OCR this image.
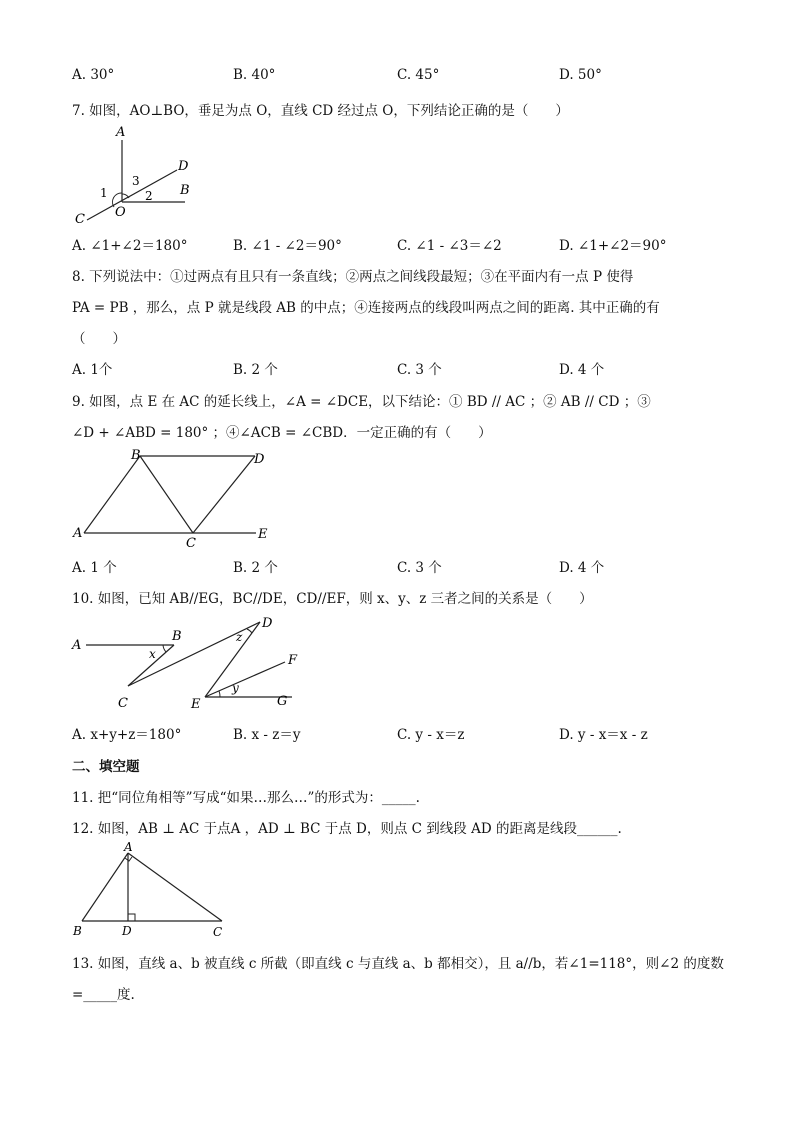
A. 30°	B. 40°	C. 45°	D. 50°
7. 如图，AO⊥BO，垂足为点 O，直线 CD 经过点 O，下列结论正确的是（　　）
A
D
B
C O
1	2
3
A. ∠1+∠2＝180°	B. ∠1 - ∠2＝90°	C. ∠1 - ∠3＝∠2	D. ∠1+∠2＝90°
8. 下列说法中：①过两点有且只有一条直线；②两点之间线段最短；③在平面内有一点 P 使得
PA = PB ，那么，点 P 就是线段 AB 的中点；④连接两点的线段叫两点之间的距离. 其中正确的有
（　　）
A. 1个	B. 2 个	C. 3 个	D. 4 个
9. 如图，点 E 在 AC 的延长线上，∠A = ∠DCE，以下结论：① BD // AC ；② AB // CD ；③
∠D + ∠ABD = 180° ；④∠ACB = ∠CBD．一定正确的有（　　）
A
B
C
D
E
A. 1 个	B. 2 个	C. 3 个	D. 4 个
10. 如图，已知 AB//EG，BC//DE，CD//EF，则 x、y、z 三者之间的关系是（　　）
A
B
C
D
E
F
G
x
y
z
A. x+y+z＝180°	B. x - z＝y	C. y - x＝z	D. y - x＝x - z
二、填空题
11. 把“同位角相等”写成“如果…那么…”的形式为：_____.
12. 如图，AB ⊥ AC 于点A ，AD ⊥ BC 于点 D，则点 C 到线段 AD 的距离是线段______.
A
B	D	C
13. 如图，直线 a、b 被直线 c 所截（即直线 c 与直线 a、b 都相交），且 a//b，若∠1=118°，则∠2 的度数
=_____度.
